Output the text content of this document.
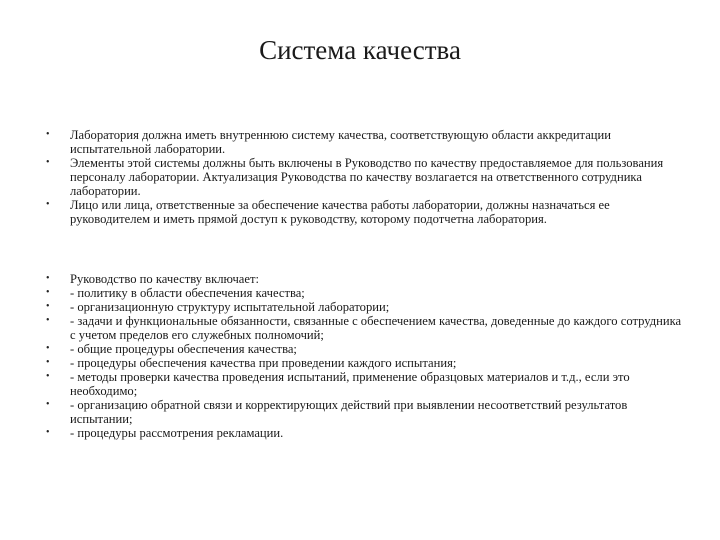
Система качества
• Лаборатория должна иметь внутреннюю систему качества, соответствующую области аккредитации испытательной лаборатории.
• Элементы этой системы должны быть включены в Руководство по качеству предоставляемое для пользования персоналу лаборатории. Актуализация Руководства по качеству возлагается на ответственного сотрудника лаборатории.
• Лицо или лица, ответственные за обеспечение качества работы лаборатории, должны назначаться ее руководителем и иметь прямой доступ к руководству, которому подотчетна лаборатория.
• Руководство по качеству включает:
• - политику в области обеспечения качества;
• - организационную структуру испытательной лаборатории;
• - задачи и функциональные обязанности, связанные с обеспечением качества, доведенные до каждого сотрудника с учетом пределов его служебных полномочий;
• - общие процедуры обеспечения качества;
• - процедуры обеспечения качества при проведении каждого испытания;
• - методы проверки качества проведения испытаний, применение образцовых материалов и т.д., если это необходимо;
• - организацию обратной связи и корректирующих действий при выявлении несоответствий результатов испытании;
• - процедуры рассмотрения рекламации.
